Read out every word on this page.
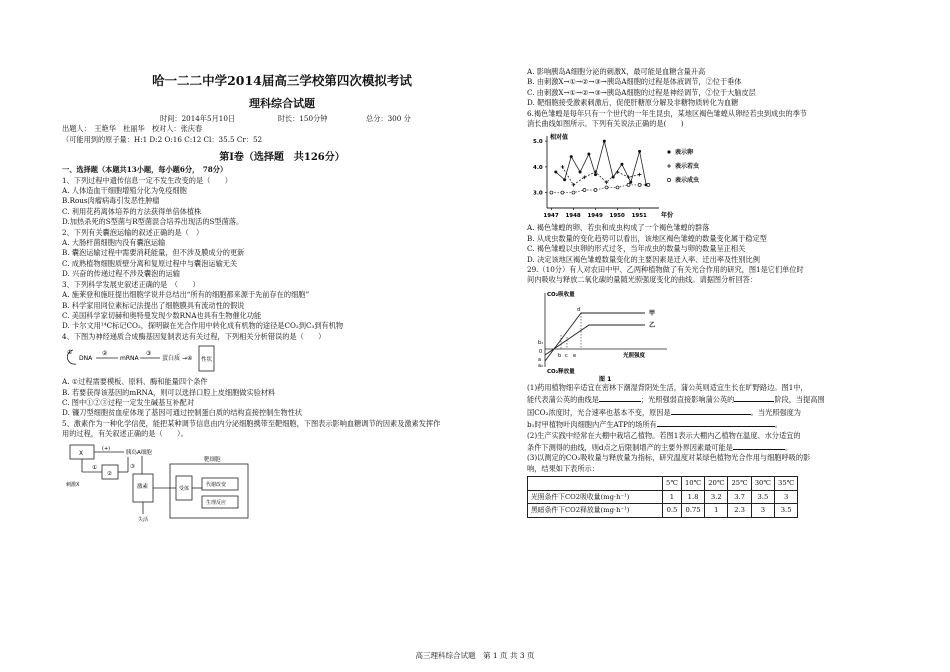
哈一二二中学2014届高三学校第四次模拟考试
理科综合试题
时间：2014年5月10日	时长：150分钟	总分：300 分
出题人：　王艳华　杜丽华　校对人：张庆春
（可能用到的原子量：H:1 D:2 O:16 C:12 Cl：35.5 Cr：52
第Ⅰ卷（选择题　共126分）
一、选择题（本题共13小题，每小题6分，　78分）
1、下列过程中遗传信息一定不发生改变的是（　　）
A. 人体造血干细胞增殖分化为免疫细胞
B.Rous肉瘤病毒引发恶性肿瘤
C. 利用花药离体培养的方法获得单倍体植株
D.加热杀死的S型菌与R型菌混合培养出现活的S型菌落。
2、下列有关囊泡运输的叙述正确的是（　）
A. 大肠杆菌细胞内没有囊泡运输
B. 囊泡运输过程中需要消耗能量，但不涉及膜成分的更新
C. 成熟植物细胞质壁分离和复原过程中与囊泡运输无关
D. 兴奋的传递过程不涉及囊泡的运输
3、下列科学发展史叙述正确的是　（　　）
A. 施莱登和施旺提出细胞学说并总结出“所有的细胞都来源于先前存在的细胞”
B. 科学家用同位素标记法提出了细胞膜具有流动性的假说
C. 美国科学家切赫和奥特曼发现少数RNA也具有生物催化功能
D. 卡尔文用¹⁴C标记CO₂，探明碳在光合作用中转化成有机物的途径是CO₂到C₃到有机物
4、下图为神经递质合成酶基因复制表达有关过程，下列相关分析错误的是（　　）
①
DNA
②
mRNA
③
蛋白质 →④ 性状
A. ①过程需要模板、原料、酶和能量四个条件
B. 若要获得该基因的mRNA，则可以选择口腔上皮细胞做实验材料
C. 图中①②③过程一定发生碱基互补配对
D. 镰刀型细胞贫血症体现了基因可通过控制蛋白质的结构直接控制生物性状
5、激素作为一种化学信使，能把某种调节信息由内分泌细胞携带至靶细胞，下图表示影响血糖调节的因素及激素发挥作
用的过程，有关叙述正确的是（　　）。
X
(+)
胰岛A细胞
①
②
③
刺激X	激素
失活
靶细胞
受体
代谢改变
生理反应
A. 影响胰岛A细胞分泌的刺激X，最可能是血糖含量升高
B. 由刺激X→①→②→③→胰岛A细胞的过程是体液调节，②位于垂体
C. 由刺激X→①→②→③→胰岛A细胞的过程是神经调节，②位于大脑皮层
D. 靶细胞接受激素刺激后，促使肝糖原分解及非糖物质转化为血糖
6.褐色雏蝗是每年只有一个世代的一年生昆虫，某地区褐色雏蝗从卵经若虫到成虫的季节
消长曲线如图所示。下列有关说法正确的是(　　)
表示卵
表示若虫
表示成虫
相对值
年份
3.0
4.0
5.0
1947 1948 1949 1950 1951
A. 褐色雏蝗的卵、若虫和成虫构成了一个褐色雏蝗的群落
B. 从成虫数量的变化趋势可以看出，该地区褐色雏蝗的数量变化属于稳定型
C. 褐色雏蝗以虫卵的形式过冬，当年成虫的数量与卵的数量呈正相关
D. 决定该地区褐色雏蝗数量变化的主要因素是迁入率、迁出率及性别比例
29.（10分）有人对农田中甲、乙两种植物做了有关光合作用的研究，图1是它们单位时
间内吸收与释放二氧化碳的量随光照强度变化的曲线。请据图分析回答：
CO₂吸收量
CO₂释放量
光照强度
0
甲
乙
d
b c e
b₁
a
a₂
图 1
(1)药用植物细辛适宜在密林下潮湿背阴处生活，蒲公英则适宜生长在旷野路边。图1中，
能代表蒲公英的曲线是	；光照强弱直接影响蒲公英的	阶段，当提高围
国CO₂浓度时，光合速率也基本不变，原因是	。当光照强度为
b₁时甲植物叶肉细胞内产生ATP的场所有	。
(2)生产实践中经常在大棚中栽培乙植物。若图1表示大棚内乙植物在温度、水分适宜的
条件下测得的曲线，则d点之后限制增产的主要外界因素最可能是	。
(3)以测定的CO₂吸收量与释放量为指标，研究温度对某绿色植物光合作用与细胞呼吸的影
响，结果如下表所示：
	5℃	10℃	20℃	25℃	30℃	35℃
光照条件下CO2吸收量(mg·h⁻¹)	1	1.8	3.2	3.7	3.5	3
黑暗条件下CO2释放量(mg·h⁻¹)	0.5	0.75	1	2.3	3	3.5
高三理科综合试题　第 1 页 共 3 页
